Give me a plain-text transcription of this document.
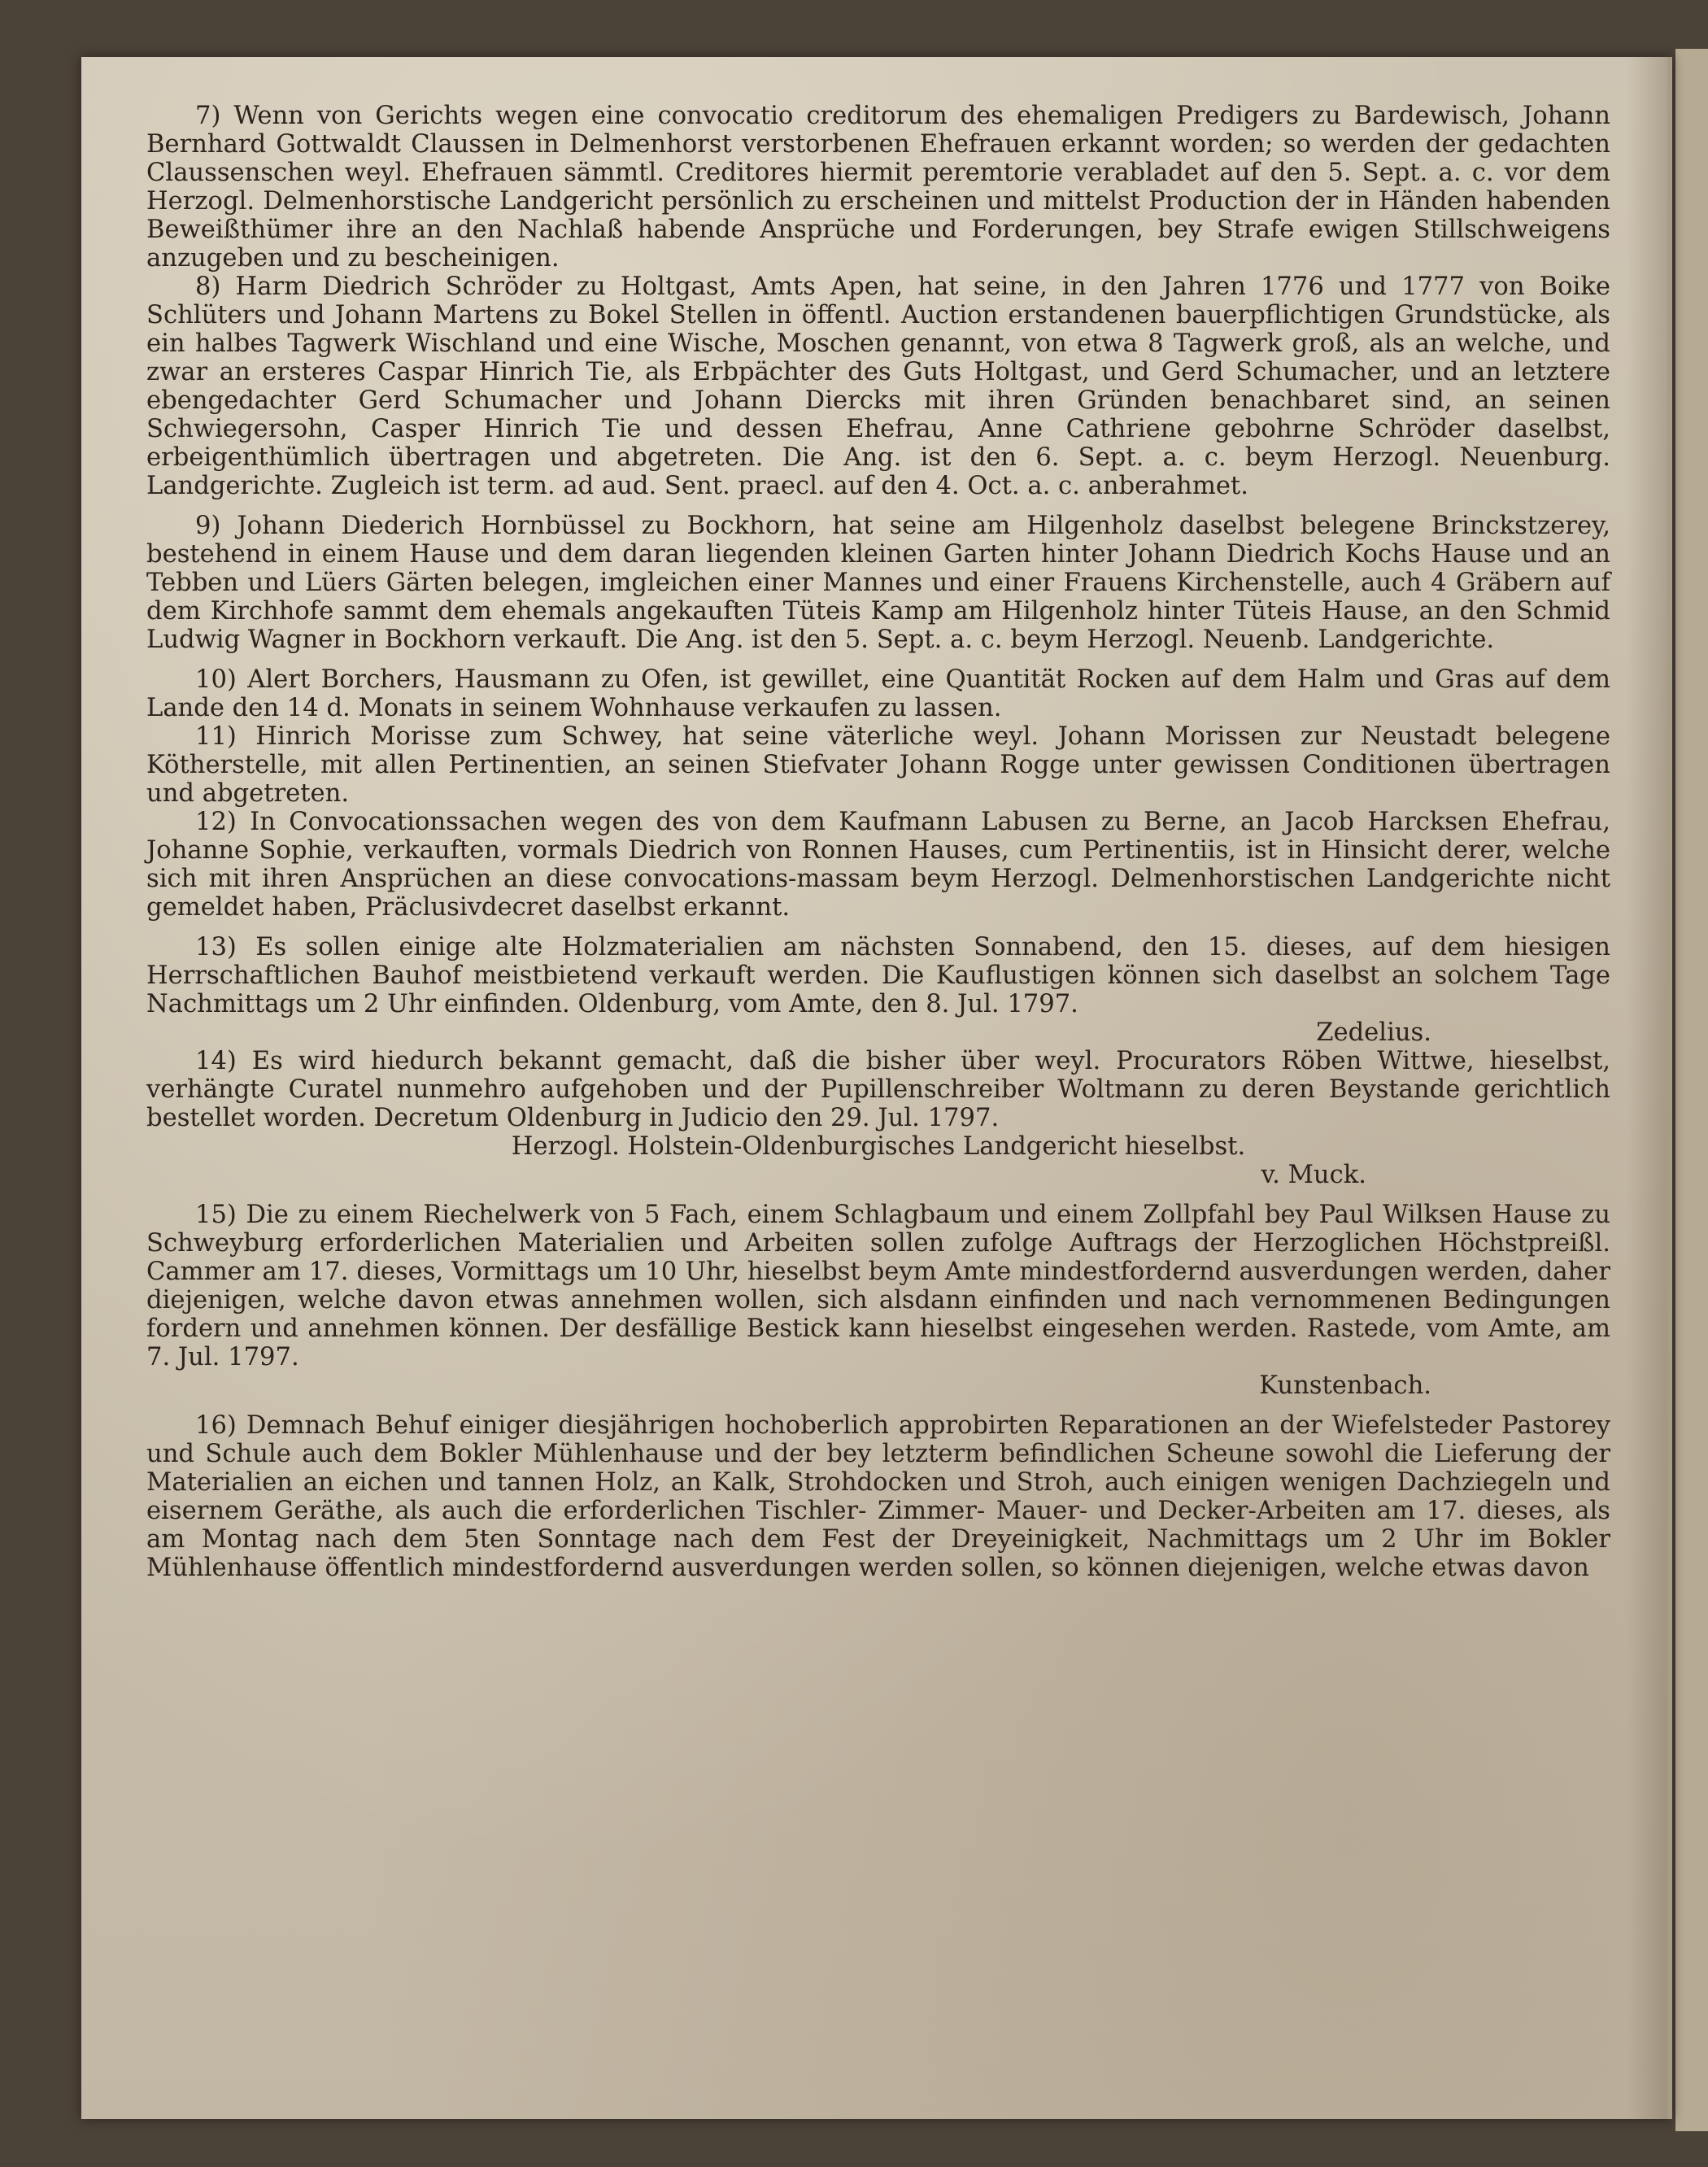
7) Wenn von Gerichts wegen eine convocatio creditorum des ehemaligen Predigers zu Bardewisch, Johann Bernhard Gottwaldt Claussen in Delmenhorst verstorbenen Ehefrauen erkannt worden; so werden der gedachten Claussenschen weyl. Ehefrauen sämmtl. Creditores hiermit peremtorie verabladet auf den 5. Sept. a. c. vor dem Herzogl. Delmenhorstische Landgericht persönlich zu erscheinen und mittelst Production der in Händen habenden Beweißthümer ihre an den Nachlaß habende Ansprüche und Forderungen, bey Strafe ewigen Stillschweigens anzugeben und zu bescheinigen.

8) Harm Diedrich Schröder zu Holtgast, Amts Apen, hat seine, in den Jahren 1776 und 1777 von Boike Schlüters und Johann Martens zu Bokel Stellen in öffentl. Auction erstandenen bauerpflichtigen Grundstücke, als ein halbes Tagwerk Wischland und eine Wische, Moschen genannt, von etwa 8 Tagwerk groß, als an welche, und zwar an ersteres Caspar Hinrich Tie, als Erbpächter des Guts Holtgast, und Gerd Schumacher, und an letztere ebengedachter Gerd Schumacher und Johann Diercks mit ihren Gründen benachbaret sind, an seinen Schwiegersohn, Casper Hinrich Tie und dessen Ehefrau, Anne Cathriene gebohrne Schröder daselbst, erbeigenthümlich übertragen und abgetreten. Die Ang. ist den 6. Sept. a. c. beym Herzogl. Neuenburg. Landgerichte. Zugleich ist term. ad aud. Sent. praecl. auf den 4. Oct. a. c. anberahmet.

9) Johann Diederich Hornbüssel zu Bockhorn, hat seine am Hilgenholz daselbst belegene Brinckstzerey, bestehend in einem Hause und dem daran liegenden kleinen Garten hinter Johann Diedrich Kochs Hause und an Tebben und Lüers Gärten belegen, imgleichen einer Mannes und einer Frauens Kirchenstelle, auch 4 Gräbern auf dem Kirchhofe sammt dem ehemals angekauften Tüteis Kamp am Hilgenholz hinter Tüteis Hause, an den Schmid Ludwig Wagner in Bockhorn verkauft. Die Ang. ist den 5. Sept. a. c. beym Herzogl. Neuenb. Landgerichte.

10) Alert Borchers, Hausmann zu Ofen, ist gewillet, eine Quantität Rocken auf dem Halm und Gras auf dem Lande den 14 d. Monats in seinem Wohnhause verkaufen zu lassen.

11) Hinrich Morisse zum Schwey, hat seine väterliche weyl. Johann Morissen zur Neustadt belegene Kötherstelle, mit allen Pertinentien, an seinen Stiefvater Johann Rogge unter gewissen Conditionen übertragen und abgetreten.

12) In Convocationssachen wegen des von dem Kaufmann Labusen zu Berne, an Jacob Harcksen Ehefrau, Johanne Sophie, verkauften, vormals Diedrich von Ronnen Hauses, cum Pertinentiis, ist in Hinsicht derer, welche sich mit ihren Ansprüchen an diese convocations-massam beym Herzogl. Delmenhorstischen Landgerichte nicht gemeldet haben, Präclusivdecret daselbst erkannt.

13) Es sollen einige alte Holzmaterialien am nächsten Sonnabend, den 15. dieses, auf dem hiesigen Herrschaftlichen Bauhof meistbietend verkauft werden. Die Kauflustigen können sich daselbst an solchem Tage Nachmittags um 2 Uhr einfinden. Oldenburg, vom Amte, den 8. Jul. 1797.

Zedelius.

14) Es wird hiedurch bekannt gemacht, daß die bisher über weyl. Procurators Röben Wittwe, hieselbst, verhängte Curatel nunmehro aufgehoben und der Pupillenschreiber Woltmann zu deren Beystande gerichtlich bestellet worden. Decretum Oldenburg in Judicio den 29. Jul. 1797.

Herzogl. Holstein-Oldenburgisches Landgericht hieselbst.

v. Muck.

15) Die zu einem Riechelwerk von 5 Fach, einem Schlagbaum und einem Zollpfahl bey Paul Wilksen Hause zu Schweyburg erforderlichen Materialien und Arbeiten sollen zufolge Auftrags der Herzoglichen Höchstpreißl. Cammer am 17. dieses, Vormittags um 10 Uhr, hieselbst beym Amte mindestfordernd ausverdungen werden, daher diejenigen, welche davon etwas annehmen wollen, sich alsdann einfinden und nach vernommenen Bedingungen fordern und annehmen können. Der desfällige Bestick kann hieselbst eingesehen werden. Rastede, vom Amte, am 7. Jul. 1797.

Kunstenbach.

16) Demnach Behuf einiger diesjährigen hochoberlich approbirten Reparationen an der Wiefelsteder Pastorey und Schule auch dem Bokler Mühlenhause und der bey letzterm befindlichen Scheune sowohl die Lieferung der Materialien an eichen und tannen Holz, an Kalk, Strohdocken und Stroh, auch einigen wenigen Dachziegeln und eisernem Geräthe, als auch die erforderlichen Tischler- Zimmer- Mauer- und Decker-Arbeiten am 17. dieses, als am Montag nach dem 5ten Sonntage nach dem Fest der Dreyeinigkeit, Nachmittags um 2 Uhr im Bokler Mühlenhause öffentlich mindestfordernd ausverdungen werden sollen, so können diejenigen, welche etwas davon
